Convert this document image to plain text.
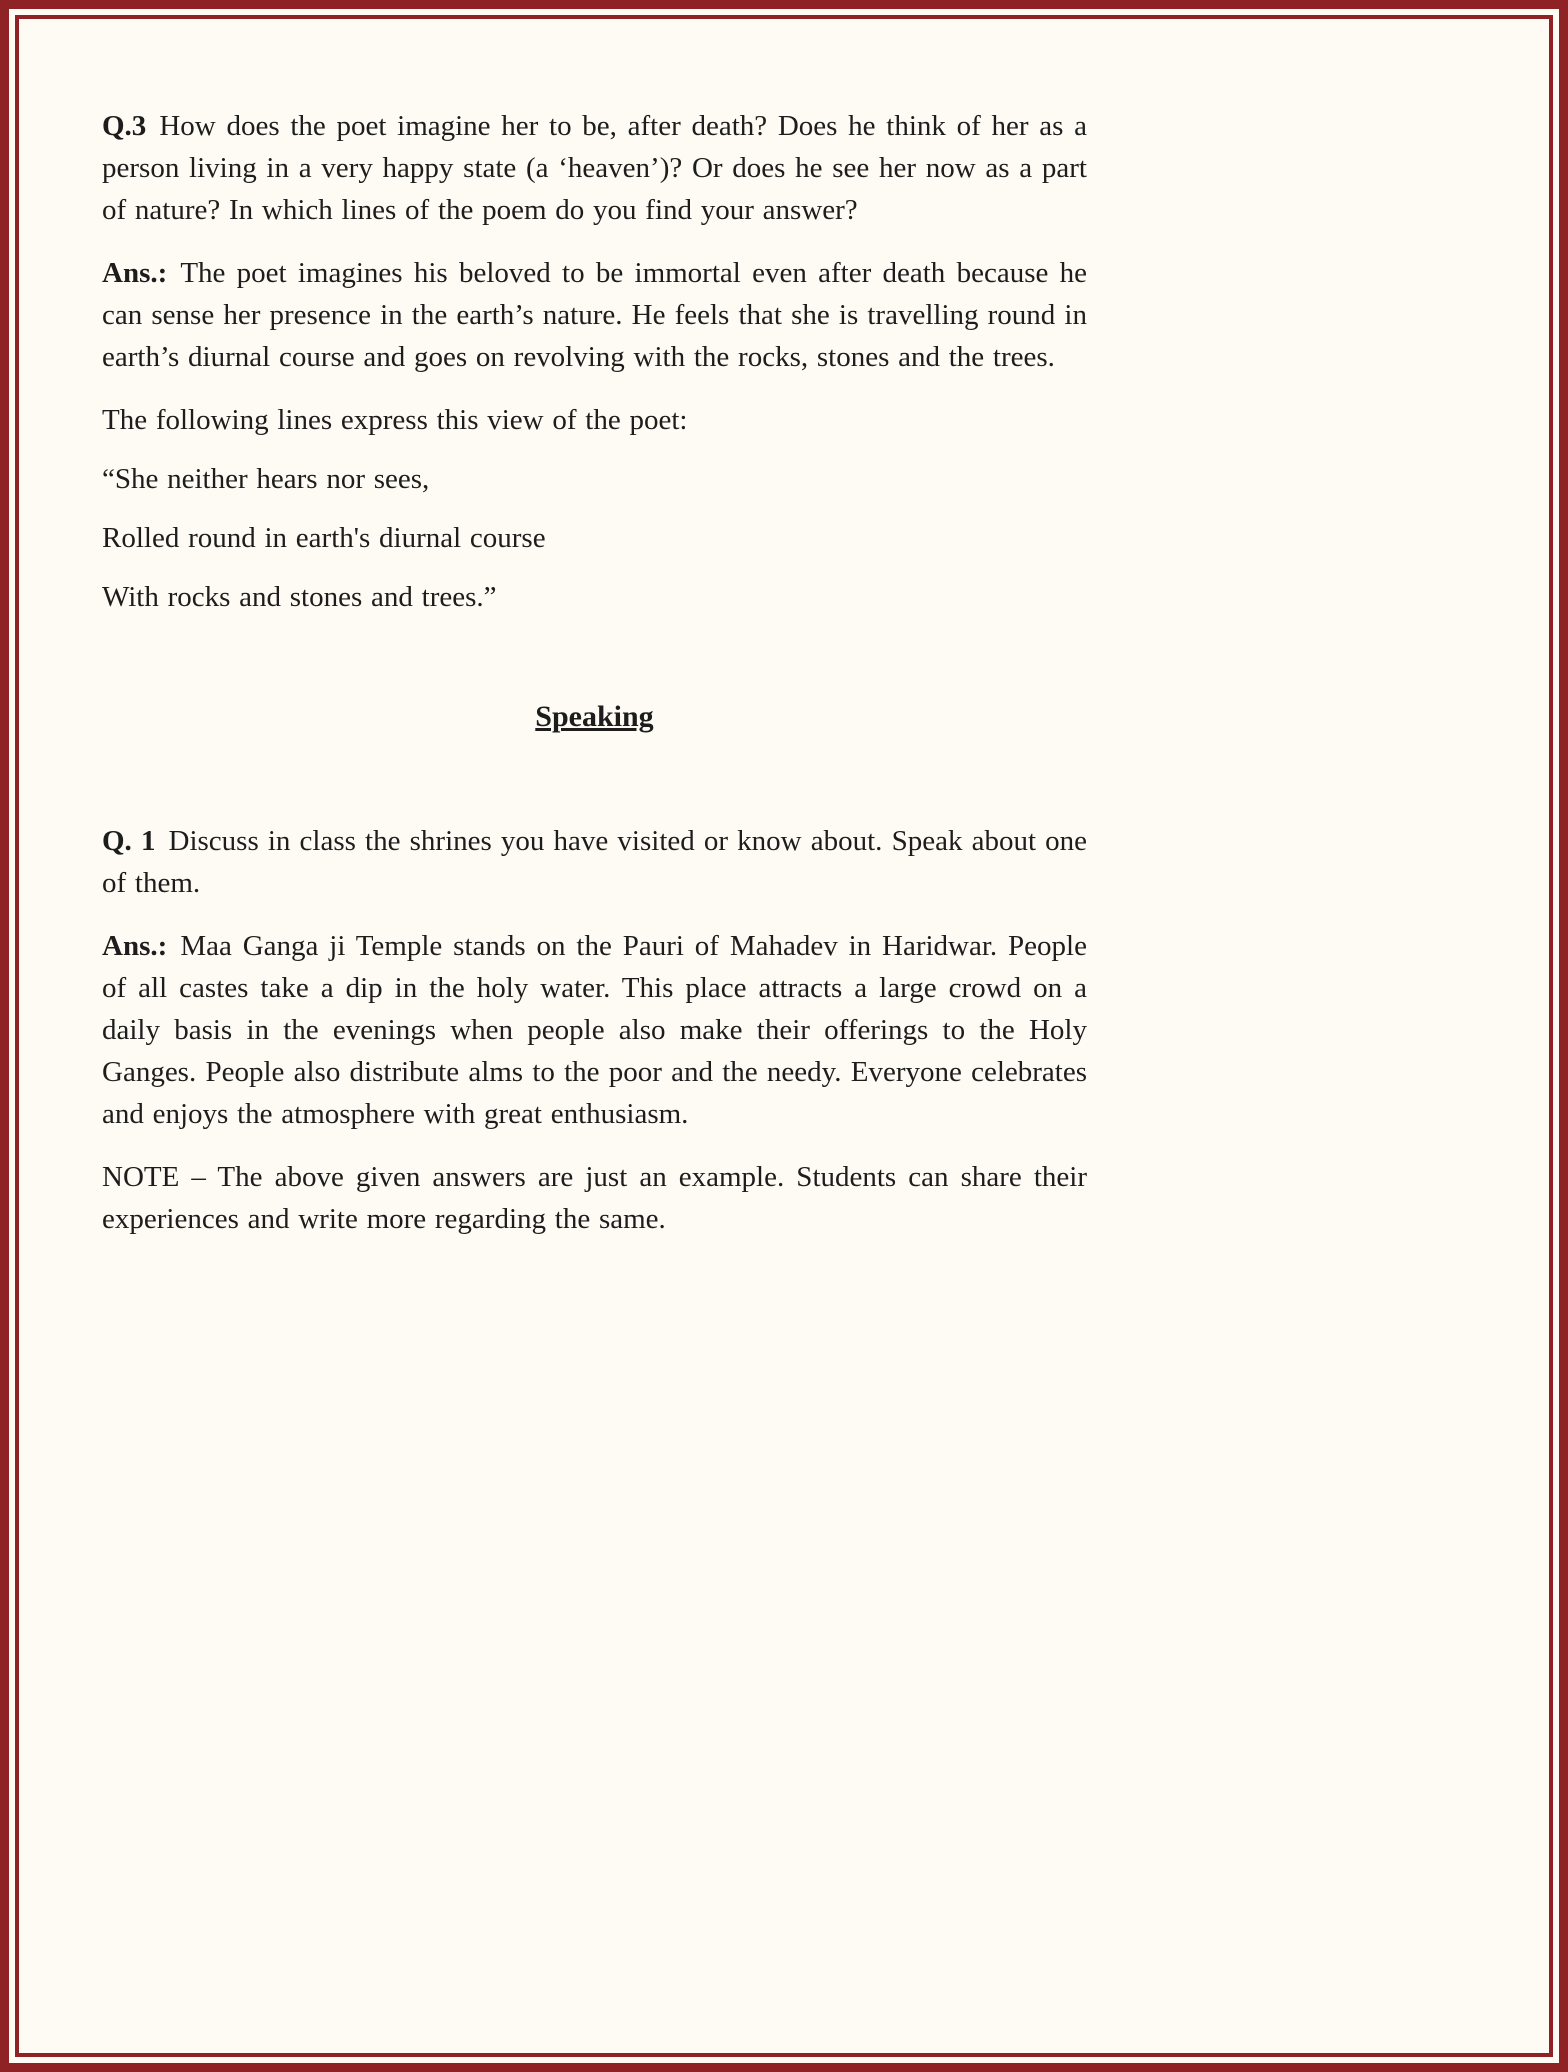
Q.3 How does the poet imagine her to be, after death? Does he think of her as a person living in a very happy state (a ‘heaven’)? Or does he see her now as a part of nature? In which lines of the poem do you find your answer?

Ans.: The poet imagines his beloved to be immortal even after death because he can sense her presence in the earth’s nature. He feels that she is travelling round in earth’s diurnal course and goes on revolving with the rocks, stones and the trees.

The following lines express this view of the poet:

“She neither hears nor sees,

Rolled round in earth's diurnal course

With rocks and stones and trees.”

Speaking

Q. 1 Discuss in class the shrines you have visited or know about. Speak about one of them.

Ans.: Maa Ganga ji Temple stands on the Pauri of Mahadev in Haridwar. People of all castes take a dip in the holy water. This place attracts a large crowd on a daily basis in the evenings when people also make their offerings to the Holy Ganges. People also distribute alms to the poor and the needy. Everyone celebrates and enjoys the atmosphere with great enthusiasm.

NOTE – The above given answers are just an example. Students can share their experiences and write more regarding the same.
